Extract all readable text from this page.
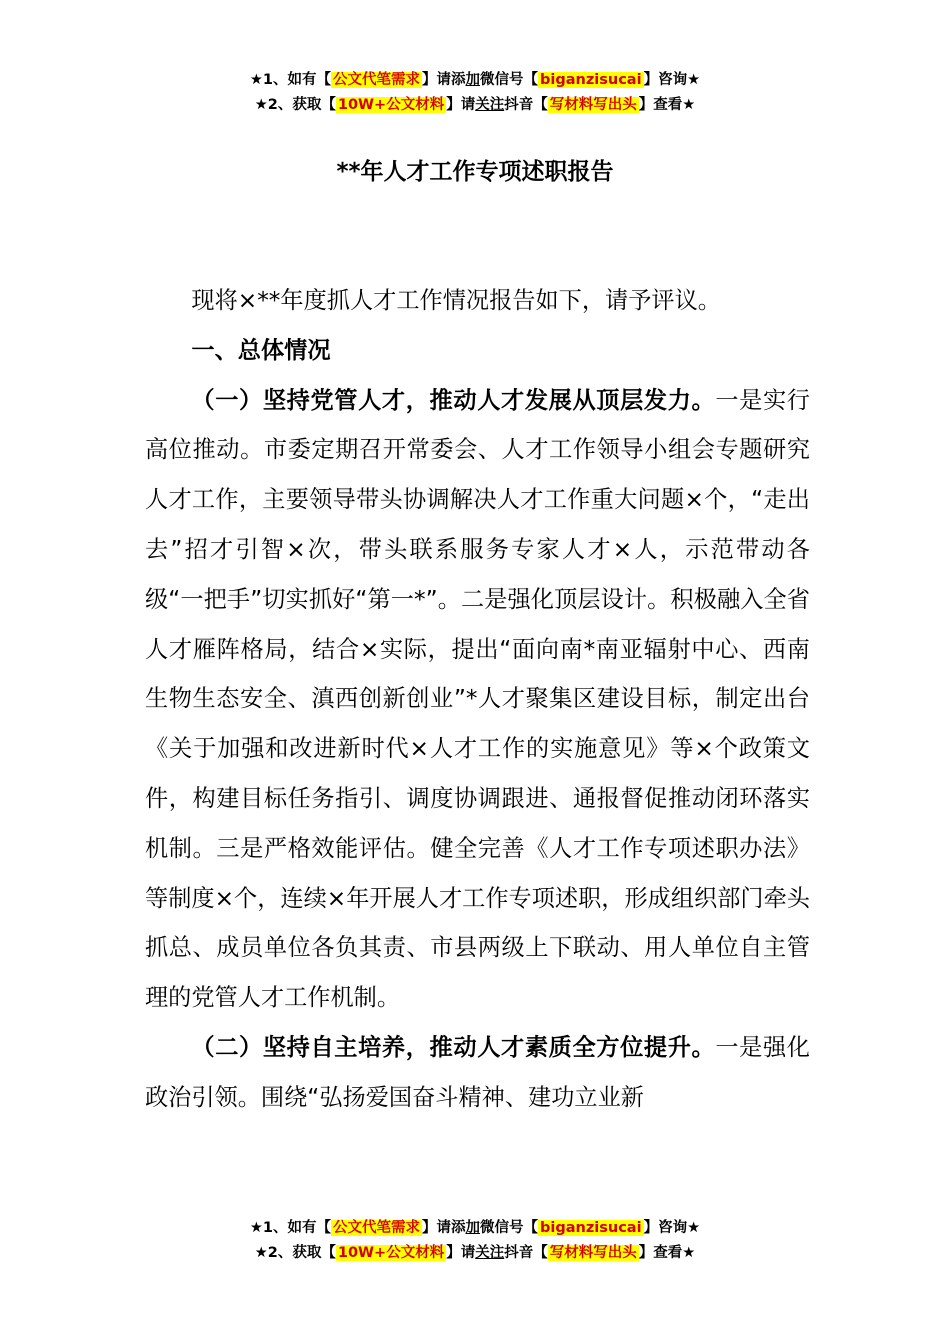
★1、如有【 公文代笔需求 】请添加微信号【 biganzisucai 】咨询★
★2、获取【 10W+公文材料 】请关注抖音【 写材料写出头 】查看★
**年人才工作专项述职报告

现将×**年度抓人才工作情况报告如下，请予评议。

一、总体情况

（一）坚持党管人才，推动人才发展从顶层发力。一是实行高位推动。市委定期召开常委会、人才工作领导小组会专题研究人才工作，主要领导带头协调解决人才工作重大问题×个，“走出去”招才引智×次，带头联系服务专家人才×人，示范带动各级“一把手”切实抓好“第一*”。二是强化顶层设计。积极融入全省人才雁阵格局，结合×实际，提出“面向南*南亚辐射中心、西南生物生态安全、滇西创新创业”*人才聚集区建设目标，制定出台《关于加强和改进新时代×人才工作的实施意见》等×个政策文件，构建目标任务指引、调度协调跟进、通报督促推动闭环落实机制。三是严格效能评估。健全完善《人才工作专项述职办法》等制度×个，连续×年开展人才工作专项述职，形成组织部门牵头抓总、成员单位各负其责、市县两级上下联动、用人单位自主管理的党管人才工作机制。

（二）坚持自主培养，推动人才素质全方位提升。一是强化政治引领。围绕“弘扬爱国奋斗精神、建功立业新

★1、如有【 公文代笔需求 】请添加微信号【 biganzisucai 】咨询★
★2、获取【 10W+公文材料 】请关注抖音【 写材料写出头 】查看★
